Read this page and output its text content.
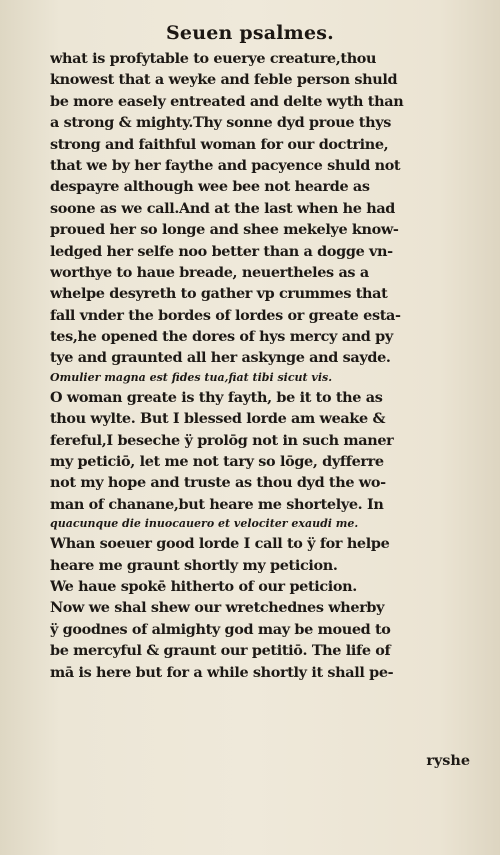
Seuen psalmes.
what is profytable to euerye creature,thou
knowest that a weyke and feble person shuld
be more easely entreated and delte wyth than
a strong & mighty.Thy sonne dyd proue thys
strong and faithful woman for our doctrine,
that we by her faythe and pacyence shuld not
despayre although wee bee not hearde as
soone as we call.And at the last when he had
proued her so longe and shee mekelye know-
ledged her selfe noo better than a dogge vn-
worthye to haue breade, neuertheles as a
whelpe desyreth to gather vp crummes that
fall vnder the bordes of lordes or greate esta-
tes,he opened the dores of hys mercy and py
tye and graunted all her askynge and sayde.
Omulier magna est fides tua,fiat tibi sicut vis.
O woman greate is thy fayth, be it to the as
thou wylte. But I blessed lorde am weake &
fereful,I beseche ÿ prolōg not in such maner
my peticiō, let me not tary so lōge, dyfferre
not my hope and truste as thou dyd the wo-
man of chanane,but heare me shortelye. In
quacunque die inuocauero et velociter exaudi me.
Whan soeuer good lorde I call to ÿ for helpe
heare me graunt shortly my peticion.
We haue spokē hitherto of our peticion.
Now we shal shew our wretchednes wherby
ÿ goodnes of almighty god may be moued to
be mercyful & graunt our petitiō. The life of
mā is here but for a while shortly it shall pe-
ryshe
